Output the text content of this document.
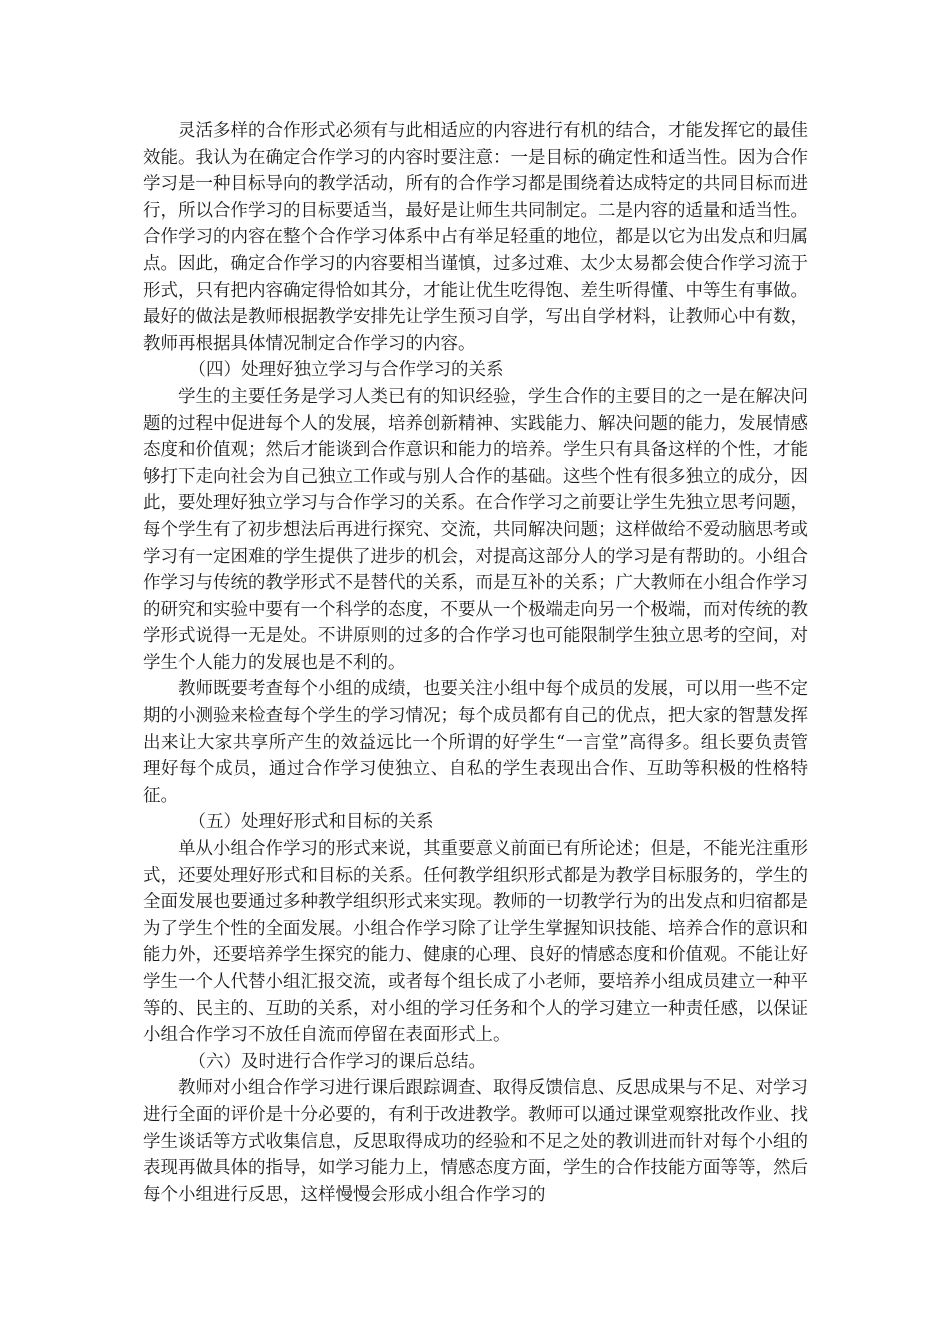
灵活多样的合作形式必须有与此相适应的内容进行有机的结合，才能发挥它的最佳效能。我认为在确定合作学习的内容时要注意：一是目标的确定性和适当性。因为合作学习是一种目标导向的教学活动，所有的合作学习都是围绕着达成特定的共同目标而进行，所以合作学习的目标要适当，最好是让师生共同制定。二是内容的适量和适当性。合作学习的内容在整个合作学习体系中占有举足轻重的地位，都是以它为出发点和归属点。因此，确定合作学习的内容要相当谨慎，过多过难、太少太易都会使合作学习流于形式，只有把内容确定得恰如其分，才能让优生吃得饱、差生听得懂、中等生有事做。最好的做法是教师根据教学安排先让学生预习自学，写出自学材料，让教师心中有数，教师再根据具体情况制定合作学习的内容。

（四）处理好独立学习与合作学习的关系

学生的主要任务是学习人类已有的知识经验，学生合作的主要目的之一是在解决问题的过程中促进每个人的发展，培养创新精神、实践能力、解决问题的能力，发展情感态度和价值观；然后才能谈到合作意识和能力的培养。学生只有具备这样的个性，才能够打下走向社会为自己独立工作或与别人合作的基础。这些个性有很多独立的成分，因此，要处理好独立学习与合作学习的关系。在合作学习之前要让学生先独立思考问题，每个学生有了初步想法后再进行探究、交流，共同解决问题；这样做给不爱动脑思考或学习有一定困难的学生提供了进步的机会，对提高这部分人的学习是有帮助的。小组合作学习与传统的教学形式不是替代的关系，而是互补的关系；广大教师在小组合作学习的研究和实验中要有一个科学的态度，不要从一个极端走向另一个极端，而对传统的教学形式说得一无是处。不讲原则的过多的合作学习也可能限制学生独立思考的空间，对学生个人能力的发展也是不利的。

教师既要考查每个小组的成绩，也要关注小组中每个成员的发展，可以用一些不定期的小测验来检查每个学生的学习情况；每个成员都有自己的优点，把大家的智慧发挥出来让大家共享所产生的效益远比一个所谓的好学生“一言堂”高得多。组长要负责管理好每个成员，通过合作学习使独立、自私的学生表现出合作、互助等积极的性格特征。

（五）处理好形式和目标的关系

单从小组合作学习的形式来说，其重要意义前面已有所论述；但是，不能光注重形式，还要处理好形式和目标的关系。任何教学组织形式都是为教学目标服务的，学生的全面发展也要通过多种教学组织形式来实现。教师的一切教学行为的出发点和归宿都是为了学生个性的全面发展。小组合作学习除了让学生掌握知识技能、培养合作的意识和能力外，还要培养学生探究的能力、健康的心理、良好的情感态度和价值观。不能让好学生一个人代替小组汇报交流，或者每个组长成了小老师，要培养小组成员建立一种平等的、民主的、互助的关系，对小组的学习任务和个人的学习建立一种责任感，以保证小组合作学习不放任自流而停留在表面形式上。

（六）及时进行合作学习的课后总结。

教师对小组合作学习进行课后跟踪调查、取得反馈信息、反思成果与不足、对学习进行全面的评价是十分必要的，有利于改进教学。教师可以通过课堂观察批改作业、找学生谈话等方式收集信息，反思取得成功的经验和不足之处的教训进而针对每个小组的表现再做具体的指导，如学习能力上，情感态度方面，学生的合作技能方面等等，然后每个小组进行反思，这样慢慢会形成小组合作学习的
